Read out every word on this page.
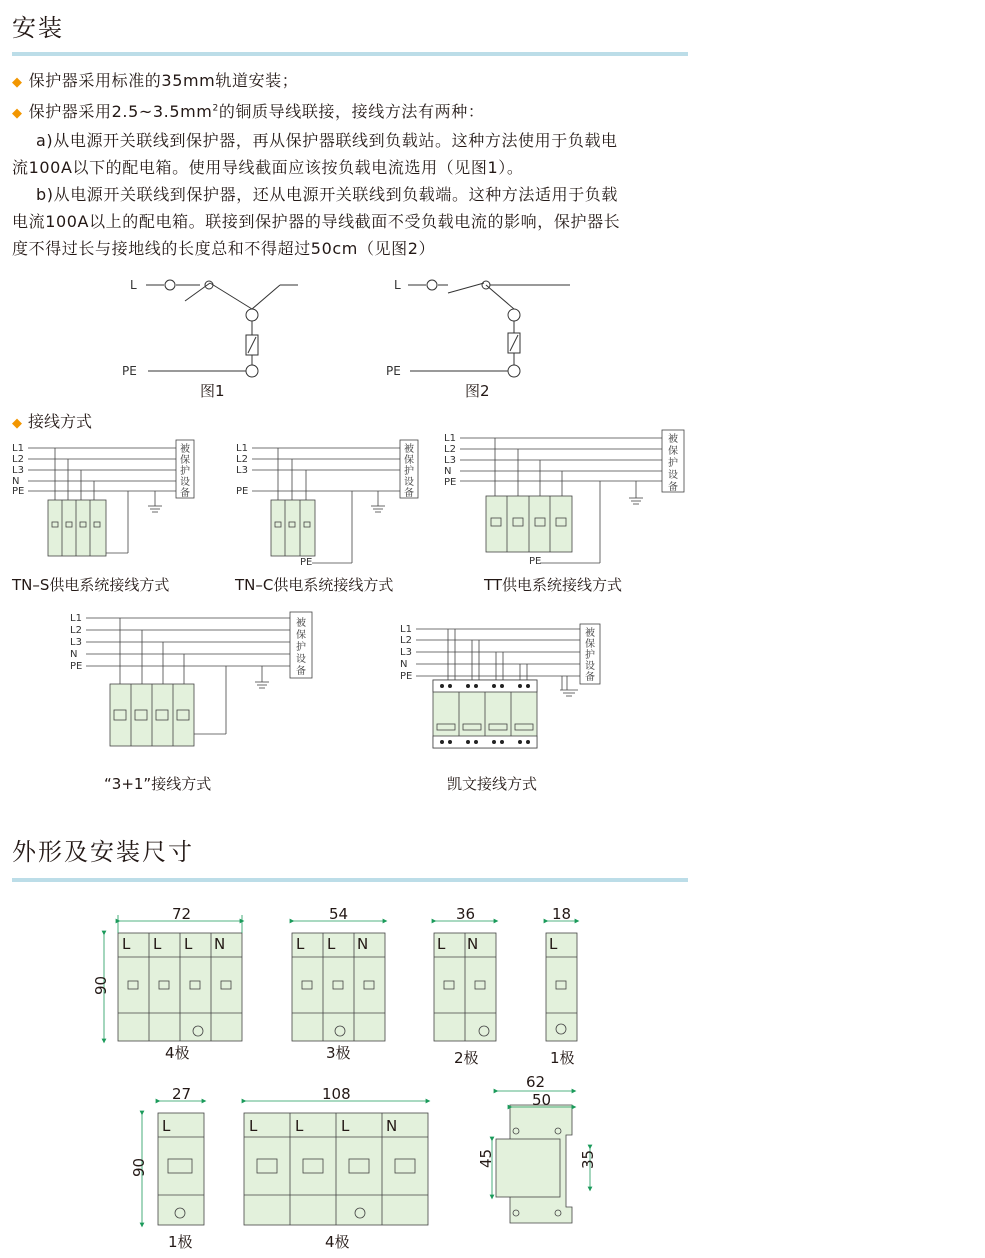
安装

◆ 保护器采用标准的35mm轨道安装；

◆ 保护器采用$2.5\sim 3.5mm^2$的铜质导线联接，接线方法有两种：

a)从电源开关联线到保护器，再从保护器联线到负载站。这种方法使用于负载电

流100A以下的配电箱。使用导线截面应该按负载电流选用（见图1）。

b)从电源开关联线到保护器，还从电源开关联线到负载端。这种方法适用于负载

电流100A以上的配电箱。联接到保护器的导线截面不受负载电流的影响，保护器长

度不得过长与接地线的长度总和不得超过50cm（见图2）

L
PE
图1
L
PE
图2

◆ 接线方式

L1
L2
L3
N
PE
被
保
护
设
备
TN–S供电系统接线方式
L1
L2
L3
PE
被
保
护
设
备
PE
TN–C供电系统接线方式
L1
L2
L3
N
PE
被
保
护
设
备
PE
TT供电系统接线方式
L1
L2
L3
N
PE
被
保
护
设
备
“3+1”接线方式
L1
L2
L3
N
PE
被
保
护
设
备
凯文接线方式
外形及安装尺寸
72
90
L L L N
4极
54
L L N
3极
36
L N
2极
18
L
1极
27
90
L
1极
108
L	L	L N
4极
62
50
45	35
